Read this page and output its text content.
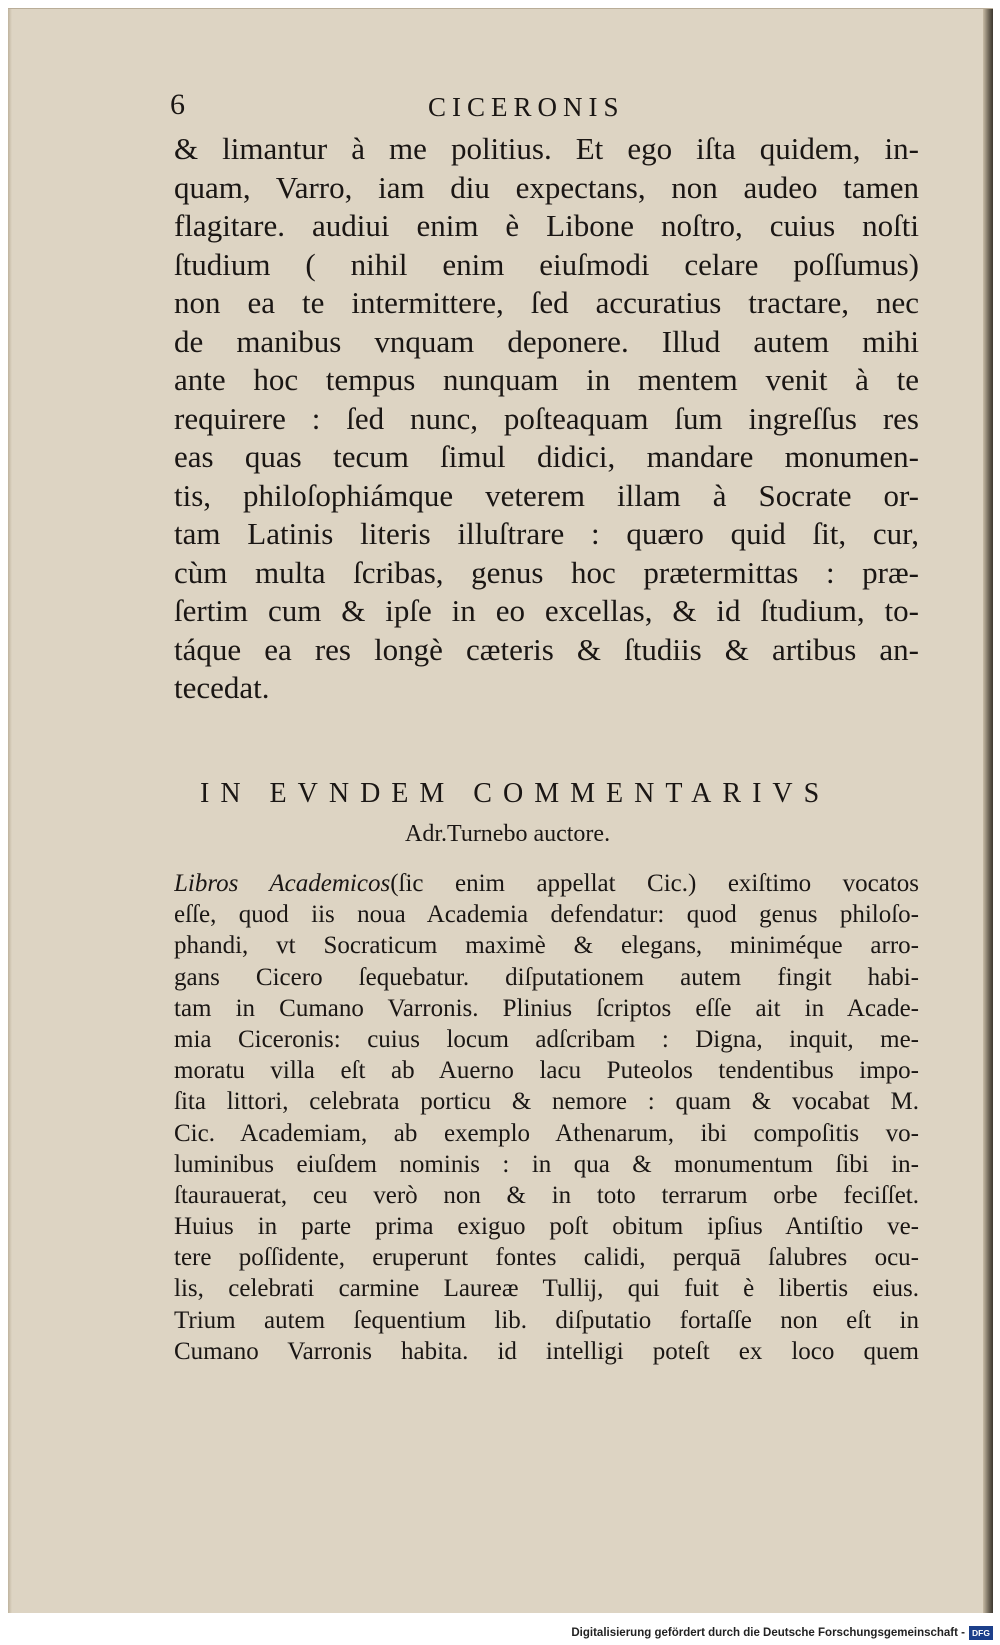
6	CICERONIS
& limantur à me politius. Et ego iſta quidem, in-
quam, Varro, iam diu expectans, non audeo tamen
flagitare. audiui enim è Libone noſtro, cuius noſti
ſtudium ( nihil enim eiuſmodi celare poſſumus)
non ea te intermittere, ſed accuratius tractare, nec
de manibus vnquam deponere. Illud autem mihi
ante hoc tempus nunquam in mentem venit à te
requirere : ſed nunc, poſteaquam ſum ingreſſus res
eas quas tecum ſimul didici, mandare monumen-
tis, philoſophiámque veterem illam à Socrate or-
tam Latinis literis illuſtrare : quæro quid ſit, cur,
cùm multa ſcribas, genus hoc prætermittas : præ-
ſertim cum & ipſe in eo excellas, & id ſtudium, to-
táque ea res longè cæteris & ſtudiis & artibus an-
tecedat.
IN EVNDEM COMMENTARIVS
Adr.Turnebo auctore.
Libros Academicos(ſic enim appellat Cic.) exiſtimo vocatos
eſſe, quod iis noua Academia defendatur: quod genus philoſo-
phandi, vt Socraticum maximè & elegans, miniméque arro-
gans Cicero ſequebatur. diſputationem autem fingit habi-
tam in Cumano Varronis. Plinius ſcriptos eſſe ait in Acade-
mia Ciceronis: cuius locum adſcribam : Digna, inquit, me-
moratu villa eſt ab Auerno lacu Puteolos tendentibus impo-
ſita littori, celebrata porticu & nemore : quam & vocabat M.
Cic. Academiam, ab exemplo Athenarum, ibi compoſitis vo-
luminibus eiuſdem nominis : in qua & monumentum ſibi in-
ſtaurauerat, ceu verò non & in toto terrarum orbe feciſſet.
Huius in parte prima exiguo poſt obitum ipſius Antiſtio ve-
tere poſſidente, eruperunt fontes calidi, perquā ſalubres ocu-
lis, celebrati carmine Laureæ Tullij, qui fuit è libertis eius.
Trium autem ſequentium lib. diſputatio fortaſſe non eſt in
Cumano Varronis habita. id intelligi poteſt ex loco quem
Digitalisierung gefördert durch die Deutsche Forschungsgemeinschaft - DFG
